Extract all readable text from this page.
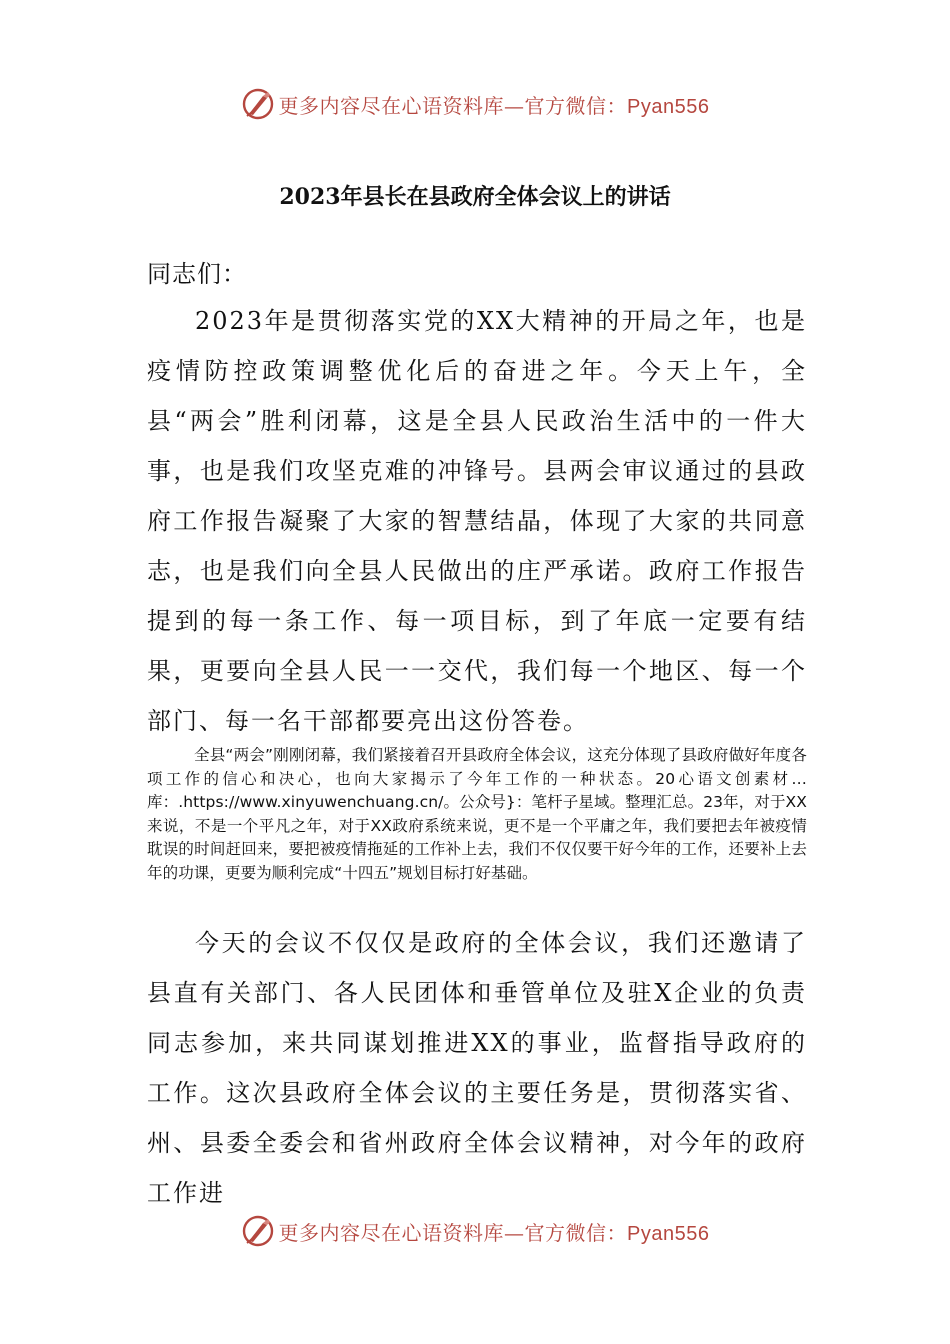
更多内容尽在心语资料库—官方微信：Pyan556
2023年县长在县政府全体会议上的讲话

同志们：

2023年是贯彻落实党的XX大精神的开局之年，也是疫情防控政策调整优化后的奋进之年。今天上午，全县“两会”胜利闭幕，这是全县人民政治生活中的一件大事，也是我们攻坚克难的冲锋号。县两会审议通过的县政府工作报告凝聚了大家的智慧结晶，体现了大家的共同意志，也是我们向全县人民做出的庄严承诺。政府工作报告提到的每一条工作、每一项目标，到了年底一定要有结果，更要向全县人民一一交代，我们每一个地区、每一个部门、每一名干部都要亮出这份答卷。

全县“两会”刚刚闭幕，我们紧接着召开县政府全体会议，这充分体现了县政府做好年度各项工作的信心和决心，也向大家揭示了今年工作的一种状态。20心语文创素材…库：.https://www.xinyuwenchuang.cn/。公众号}：笔杆子星域。整理汇总。23年，对于XX来说，不是一个平凡之年，对于XX政府系统来说，更不是一个平庸之年，我们要把去年被疫情耽误的时间赶回来，要把被疫情拖延的工作补上去，我们不仅仅要干好今年的工作，还要补上去年的功课，更要为顺利完成“十四五”规划目标打好基础。

今天的会议不仅仅是政府的全体会议，我们还邀请了县直有关部门、各人民团体和垂管单位及驻X企业的负责同志参加，来共同谋划推进XX的事业，监督指导政府的工作。这次县政府全体会议的主要任务是，贯彻落实省、州、县委全委会和省州政府全体会议精神，对今年的政府工作进

更多内容尽在心语资料库—官方微信：Pyan556
